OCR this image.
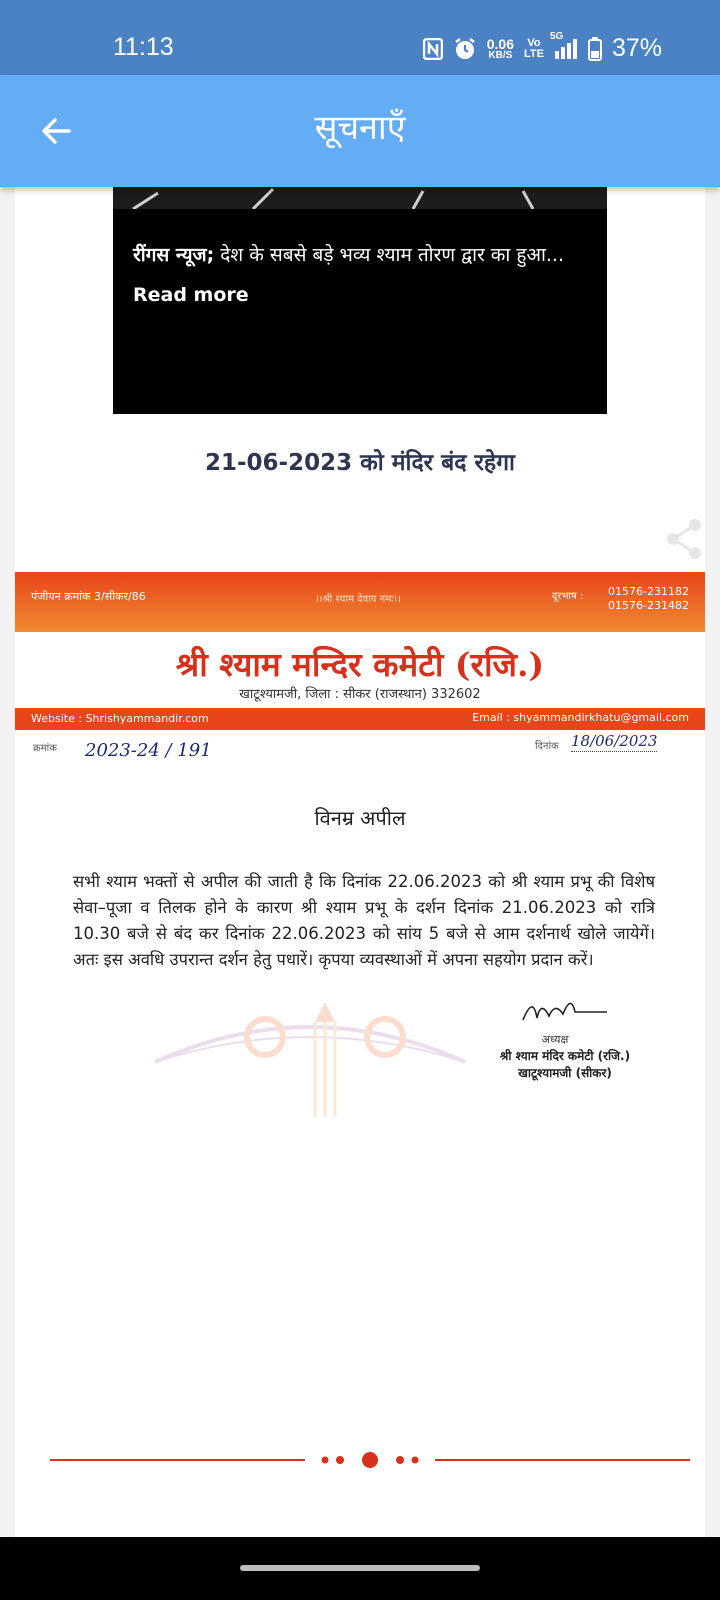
11:13	0.06
KB/S
Vo
LTE
5G 37%
सूचनाएँ
रींगस न्यूज; देश के सबसे बड़े भव्य श्याम तोरण द्वार का हुआ... Read more
21-06-2023 को मंदिर बंद रहेगा
पंजीयन क्रमांक 3/सीकर/86	।।श्री श्याम देवाय नमः।।	दूरभाष : 01576-231182
01576-231482
श्री श्याम मन्दिर कमेटी (रजि.)
खाटूश्यामजी, जिला : सीकर (राजस्थान) 332602
Website : Shrishyammandir.com	Email : shyammandirkhatu@gmail.com
क्रमांक 2023-24 / 191	दिनांक 18/06/2023
विनम्र अपील
सभी श्याम भक्तों से अपील की जाती है कि दिनांक 22.06.2023 को श्री श्याम प्रभू की विशेष सेवा–पूजा व तिलक होने के कारण श्री श्याम प्रभू के दर्शन दिनांक 21.06.2023 को रात्रि 10.30 बजे से बंद कर दिनांक 22.06.2023 को सांय 5 बजे से आम दर्शनार्थ खोले जायेगें। अतः इस अवधि उपरान्त दर्शन हेतु पधारें। कृपया व्यवस्थाओं में अपना सहयोग प्रदान करें।
अध्यक्ष
श्री श्याम मंदिर कमेटी (रजि.)
खाटूश्यामजी (सीकर)
